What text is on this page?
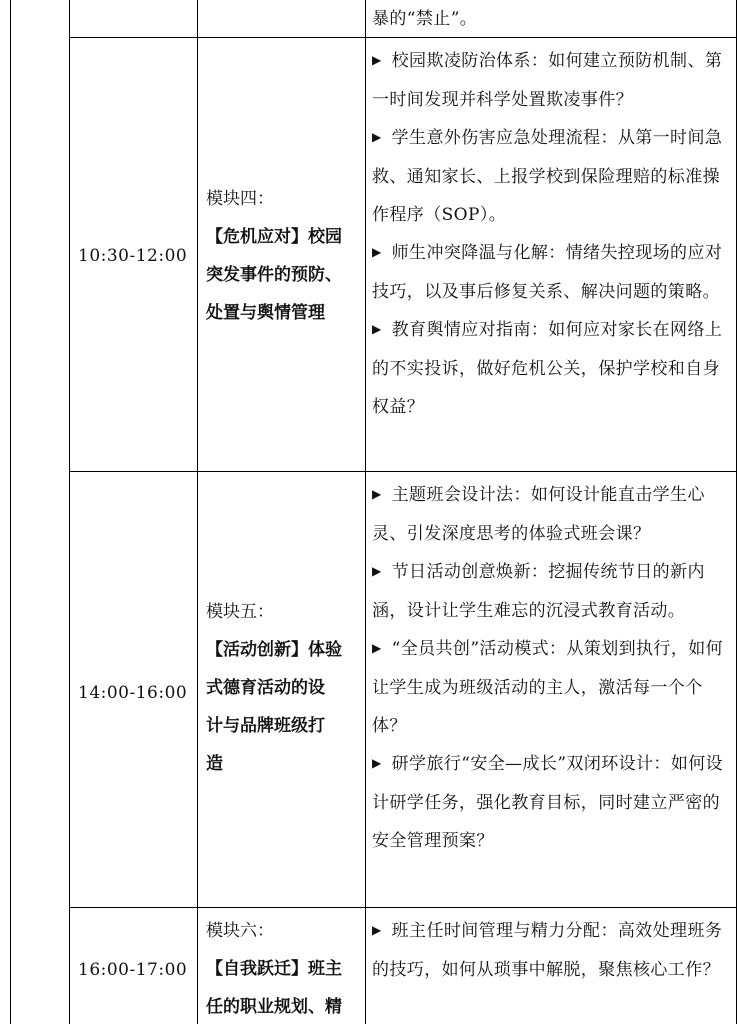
暴的“禁止”。

10:30-12:00
模块四：
【危机应对】校园
突发事件的预防、
处置与舆情管理

▶ 校园欺凌防治体系：如何建立预防机制、第一时间发现并科学处置欺凌事件？

▶ 学生意外伤害应急处理流程：从第一时间急救、通知家长、上报学校到保险理赔的标准操作程序（SOP）。

▶ 师生冲突降温与化解：情绪失控现场的应对技巧，以及事后修复关系、解决问题的策略。

▶ 教育舆情应对指南：如何应对家长在网络上的不实投诉，做好危机公关，保护学校和自身权益？

14:00-16:00
模块五：
【活动创新】体验
式德育活动的设
计与品牌班级打
造

▶ 主题班会设计法：如何设计能直击学生心灵、引发深度思考的体验式班会课？

▶ 节日活动创意焕新：挖掘传统节日的新内涵，设计让学生难忘的沉浸式教育活动。

▶ “全员共创”活动模式：从策划到执行，如何让学生成为班级活动的主人，激活每一个个体？

▶ 研学旅行“安全—成长”双闭环设计：如何设计研学任务，强化教育目标，同时建立严密的安全管理预案？

16:00-17:00
模块六：
【自我跃迁】班主
任的职业规划、精

▶ 班主任时间管理与精力分配：高效处理班务的技巧，如何从琐事中解脱，聚焦核心工作？
